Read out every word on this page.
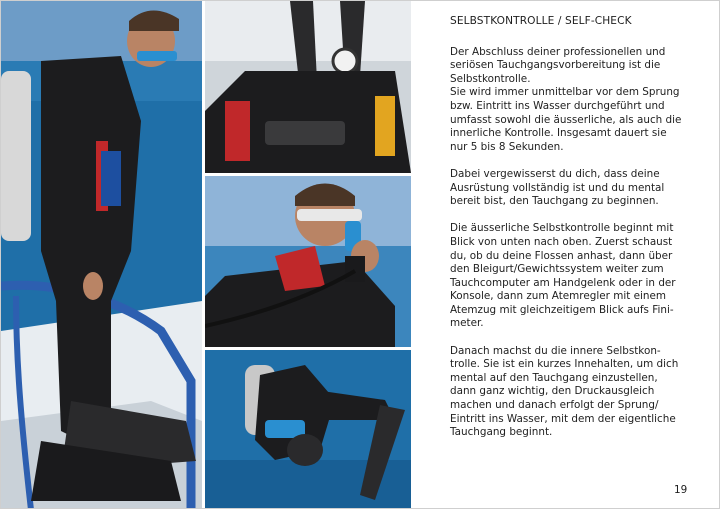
SELBSTKONTROLLE / SELF-CHECK

Der Abschluss deiner professionellen und
seriösen Tauchgangsvorbereitung ist die
Selbstkontrolle.
Sie wird immer unmittelbar vor dem Sprung
bzw. Eintritt ins Wasser durchgeführt und
umfasst sowohl die äusserliche, als auch die
innerliche Kontrolle. Insgesamt dauert sie
nur 5 bis 8 Sekunden.

Dabei vergewisserst du dich, dass deine
Ausrüstung vollständig ist und du mental
bereit bist, den Tauchgang zu beginnen.

Die äusserliche Selbstkontrolle beginnt mit
Blick von unten nach oben. Zuerst schaust
du, ob du deine Flossen anhast, dann über
den Bleigurt/Gewichtssystem weiter zum
Tauchcomputer am Handgelenk oder in der
Konsole, dann zum Atemregler mit einem
Atemzug mit gleichzeitigem Blick aufs Fini-
meter.

Danach machst du die innere Selbstkon-
trolle. Sie ist ein kurzes Innehalten, um dich
mental auf den Tauchgang einzustellen,
dann ganz wichtig, den Druckausgleich
machen und danach erfolgt der Sprung/
Eintritt ins Wasser, mit dem der eigentliche
Tauchgang beginnt.

19
